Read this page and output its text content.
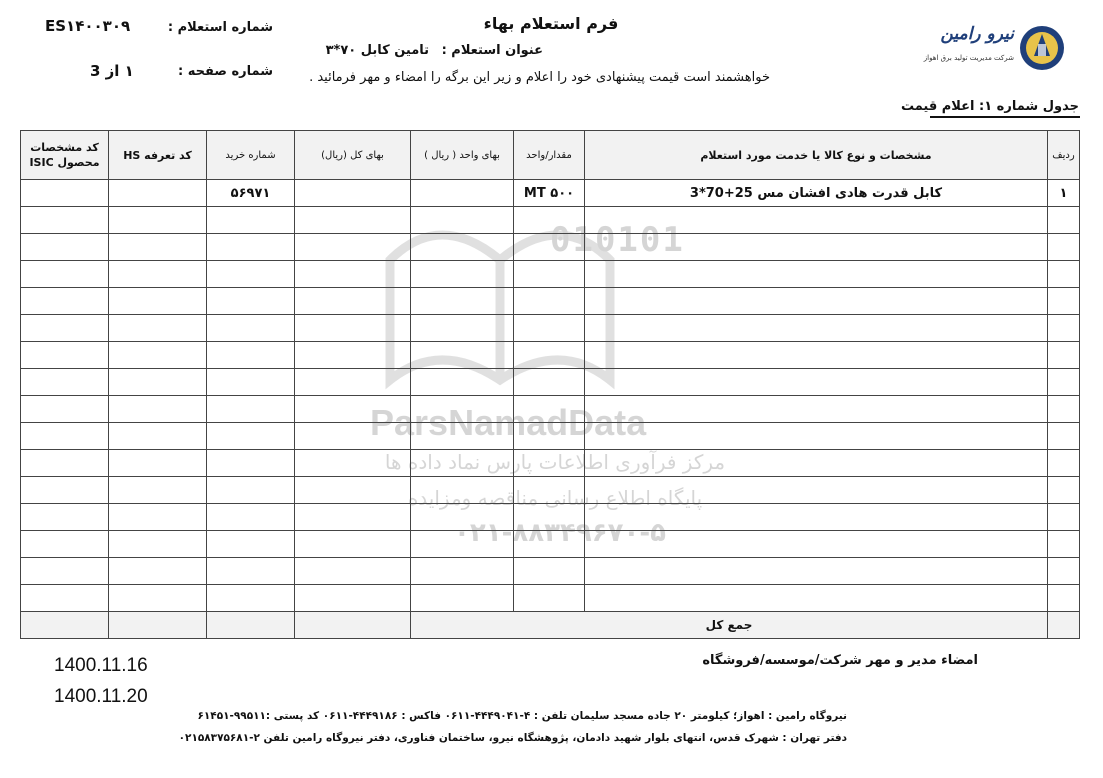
نیرو رامین
شرکت مدیریت تولید برق اهواز
فرم استعلام بهاء
عنوان استعلام : تامین کابل ۷۰*۳
خواهشمند است قیمت پیشنهادی خود را اعلام و زیر این برگه را امضاء و مهر فرمائید .
شماره استعلام :
ES۱۴۰۰۳۰۹
شماره صفحه :
۱ از 3
جدول شماره ۱: اعلام قیمت
010101
ParsNamadData
مرکز فرآوری اطلاعات پارس نماد داده ها
پایگاه اطلاع رسانی مناقصه ومزایده
۰۲۱-۸۸۳۴۹۶۷۰-۵
ردیف	مشخصات و نوع کالا یا خدمت مورد استعلام	مقدار/واحد	بهای واحد ( ریال )	بهای کل (ریال)	شماره خرید	کد تعرفه HS	کد مشخصات محصول ISIC
۱	کابل قدرت هادی افشان مس 25+70*3	۵۰۰ MT			۵۶۹۷۱		

	جمع کل						
امضاء مدیر و مهر شرکت/موسسه/فروشگاه
1400.11.16
1400.11.20
نیروگاه رامین : اهواز؛ کیلومتر ۲۰ جاده مسجد سلیمان تلفن : ۴-۴۴۴۹۰۴۱-۰۶۱۱ فاکس : ۴۴۴۹۱۸۶-۰۶۱۱ کد پستی :۹۹۵۱۱-۶۱۴۵۱
دفتر تهران : شهرک قدس، انتهای بلوار شهید دادمان، پژوهشگاه نیرو، ساختمان فناوری، دفتر نیروگاه رامین تلفن ۲-۰۲۱۵۸۳۷۵۶۸۱
